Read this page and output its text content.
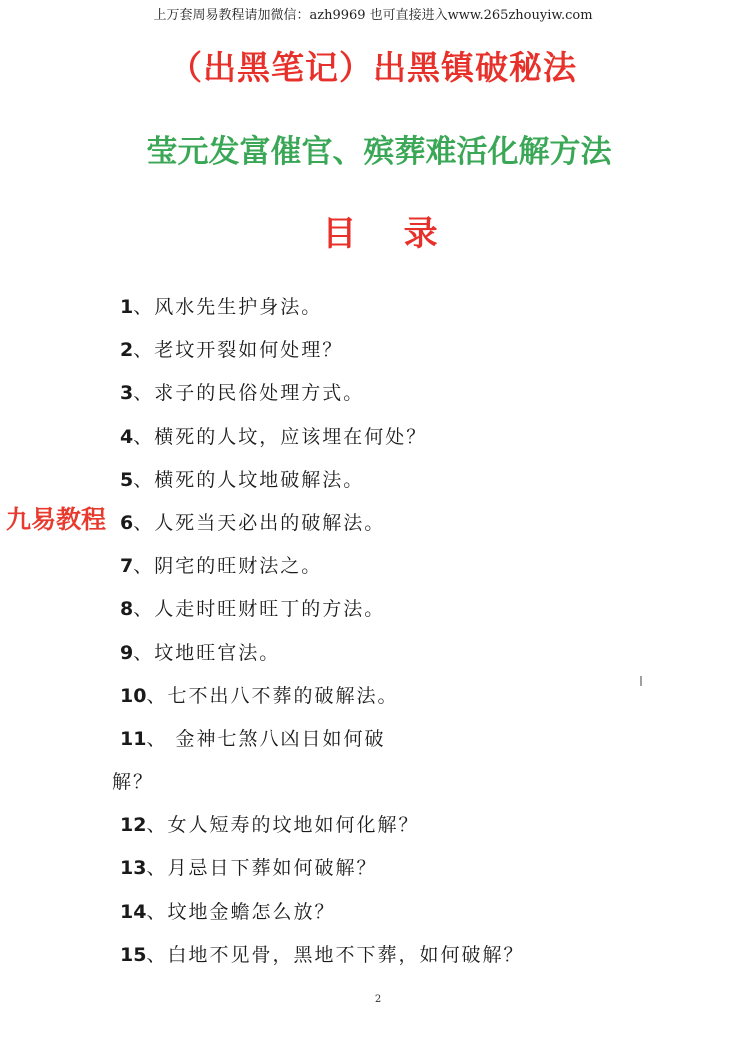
上万套周易教程请加微信：azh9969 也可直接进入www.265zhouyiw.com
（出黑笔记）出黑镇破秘法
莹元发富催官、殡葬难活化解方法
目    录
1、风水先生护身法。
2、老坟开裂如何处理？
3、求子的民俗处理方式。
4、横死的人坟，应该埋在何处？
5、横死的人坟地破解法。
6、人死当天必出的破解法。
7、阴宅的旺财法之。
8、人走时旺财旺丁的方法。
9、坟地旺官法。
10、七不出八不葬的破解法。
11、 金神七煞八凶日如何破
解？
12、女人短寿的坟地如何化解？
13、月忌日下葬如何破解？
14、坟地金蟾怎么放？
15、白地不见骨，黑地不下葬，如何破解？
九易教程
2
